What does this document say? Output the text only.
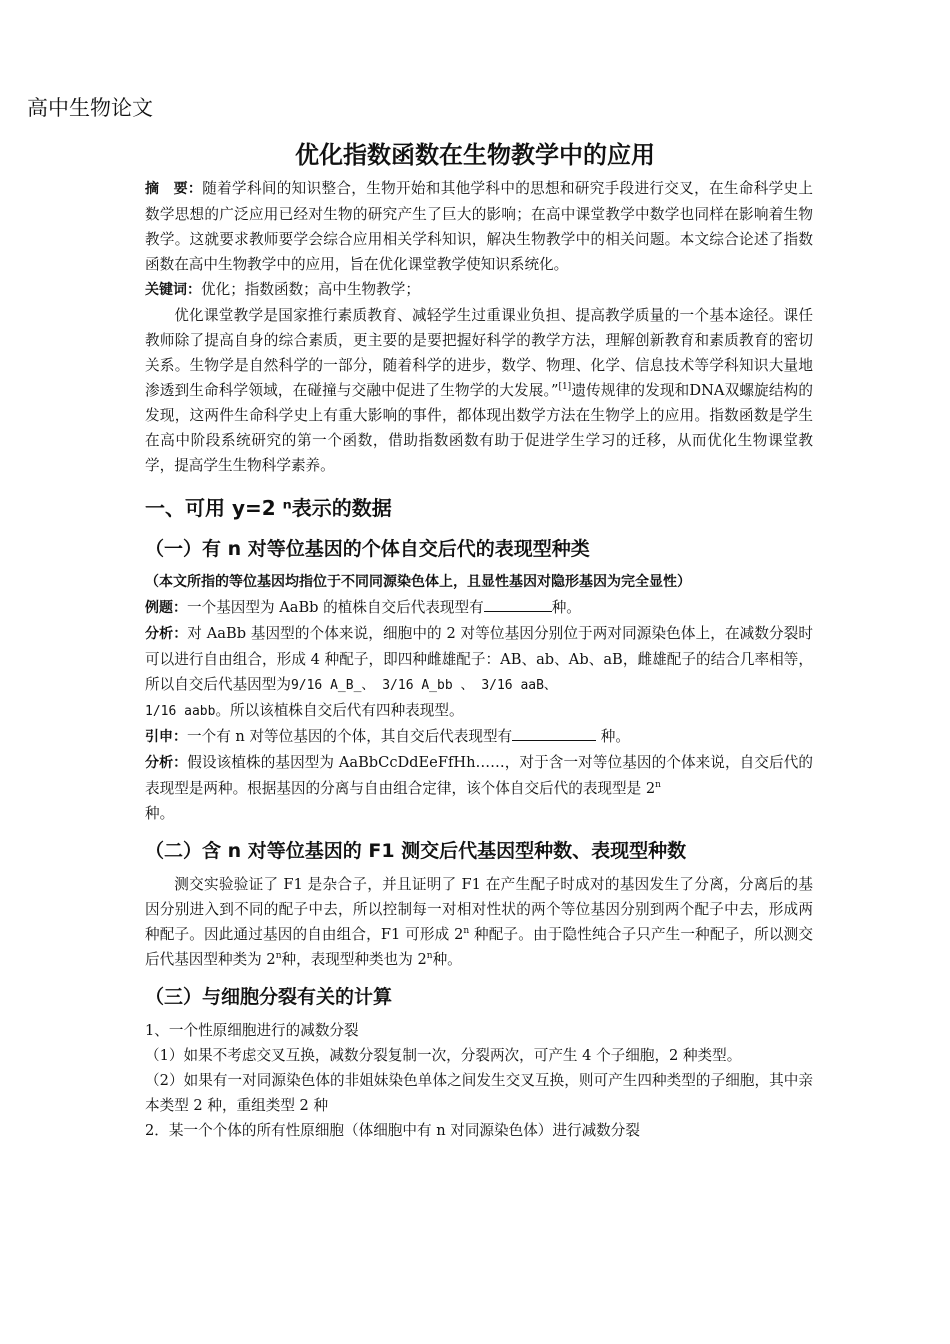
高中生物论文
优化指数函数在生物教学中的应用

摘　要：随着学科间的知识整合，生物开始和其他学科中的思想和研究手段进行交叉，在生命科学史上数学思想的广泛应用已经对生物的研究产生了巨大的影响；在高中课堂教学中数学也同样在影响着生物教学。这就要求教师要学会综合应用相关学科知识，解决生物教学中的相关问题。本文综合论述了指数函数在高中生物教学中的应用，旨在优化课堂教学使知识系统化。

关键词：优化；指数函数；高中生物教学；

优化课堂教学是国家推行素质教育、减轻学生过重课业负担、提高教学质量的一个基本途径。课任教师除了提高自身的综合素质，更主要的是要把握好科学的教学方法，理解创新教育和素质教育的密切关系。生物学是自然科学的一部分，随着科学的进步，数学、物理、化学、信息技术等学科知识大量地渗透到生命科学领域，在碰撞与交融中促进了生物学的大发展。”[1]遗传规律的发现和DNA双螺旋结构的发现，这两件生命科学史上有重大影响的事件，都体现出数学方法在生物学上的应用。指数函数是学生在高中阶段系统研究的第一个函数，借助指数函数有助于促进学生学习的迁移，从而优化生物课堂教学，提高学生生物科学素养。

一、可用 y=2 ⁿ表示的数据
（一）有 n 对等位基因的个体自交后代的表现型种类

（本文所指的等位基因均指位于不同同源染色体上，且显性基因对隐形基因为完全显性）

例题：一个基因型为 AaBb 的植株自交后代表现型有	种。

分析：对 AaBb 基因型的个体来说，细胞中的 2 对等位基因分别位于两对同源染色体上，在减数分裂时可以进行自由组合，形成 4 种配子，即四种雌雄配子：AB、ab、Ab、aB，雌雄配子的结合几率相等，所以自交后代基因型为9/16 A_B_、 3/16 A_bb 、 3/16 aaB、
1/16 aabb。所以该植株自交后代有四种表现型。

引申：一个有 n 对等位基因的个体，其自交后代表现型有	种。

分析：假设该植株的基因型为 AaBbCcDdEeFfHh……，对于含一对等位基因的个体来说，自交后代的表现型是两种。根据基因的分离与自由组合定律，该个体自交后代的表现型是 2$^n$
种。

（二）含 n 对等位基因的 F1 测交后代基因型种数、表现型种数

测交实验验证了 F1 是杂合子，并且证明了 F1 在产生配子时成对的基因发生了分离，分离后的基因分别进入到不同的配子中去，所以控制每一对相对性状的两个等位基因分别到两个配子中去，形成两种配子。因此通过基因的自由组合，F1 可形成 2$^n$ 种配子。由于隐性纯合子只产生一种配子，所以测交后代基因型种类为 2$^n$种，表现型种类也为 2$^n$种。

（三）与细胞分裂有关的计算

1、一个性原细胞进行的减数分裂

（1）如果不考虑交叉互换，减数分裂复制一次，分裂两次，可产生 4 个子细胞，2 种类型。

（2）如果有一对同源染色体的非姐妹染色单体之间发生交叉互换，则可产生四种类型的子细胞，其中亲本类型 2 种，重组类型 2 种

2．某一个个体的所有性原细胞（体细胞中有 n 对同源染色体）进行减数分裂
